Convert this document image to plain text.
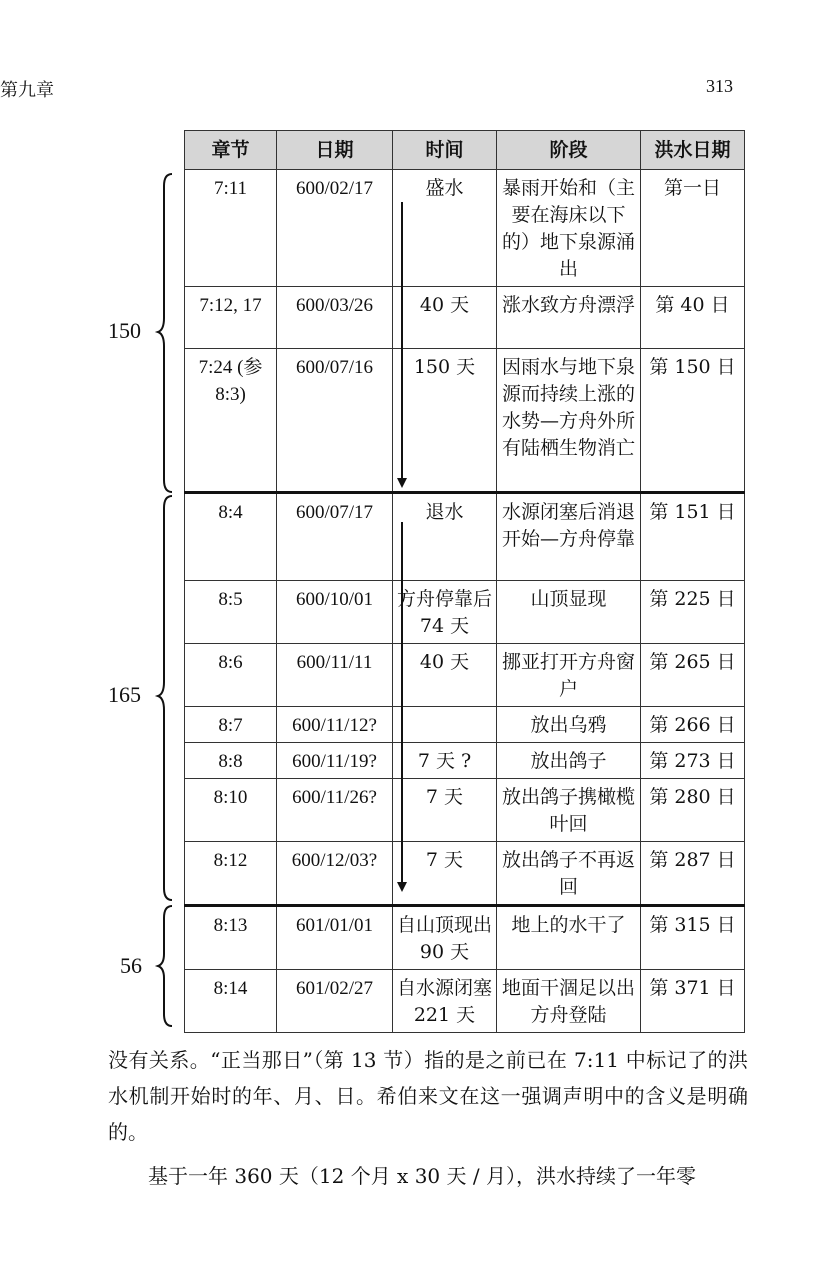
第九章	313
章节	日期	时间	阶段	洪水日期
7:11	600/02/17	盛水	暴雨开始和（主要在海床以下的）地下泉源涌出	第一日
7:12, 17	600/03/26	40 天	涨水致方舟漂浮	第 40 日
7:24 (参 8:3)	600/07/16	150 天	因雨水与地下泉源而持续上涨的水势—方舟外所有陆栖生物消亡	第 150 日
8:4	600/07/17	退水	水源闭塞后消退开始—方舟停靠	第 151 日
8:5	600/10/01	方舟停靠后 74 天	山顶显现	第 225 日
8:6	600/11/11	40 天	挪亚打开方舟窗户	第 265 日
8:7	600/11/12?		放出乌鸦	第 266 日
8:8	600/11/19?	7 天 ?	放出鸽子	第 273 日
8:10	600/11/26?	7 天	放出鸽子携橄榄叶回	第 280 日
8:12	600/12/03?	7 天	放出鸽子不再返回	第 287 日
8:13	601/01/01	自山顶现出 90 天	地上的水干了	第 315 日
8:14	601/02/27	自水源闭塞 221 天	地面干涸足以出方舟登陆	第 371 日
150
165
56
没有关系。“正当那日”（第 13 节）指的是之前已在 7:11 中标记了的洪水机制开始时的年、月、日。希伯来文在这一强调声明中的含义是明确的。
基于一年 360 天（12 个月 x 30 天 / 月），洪水持续了一年零
